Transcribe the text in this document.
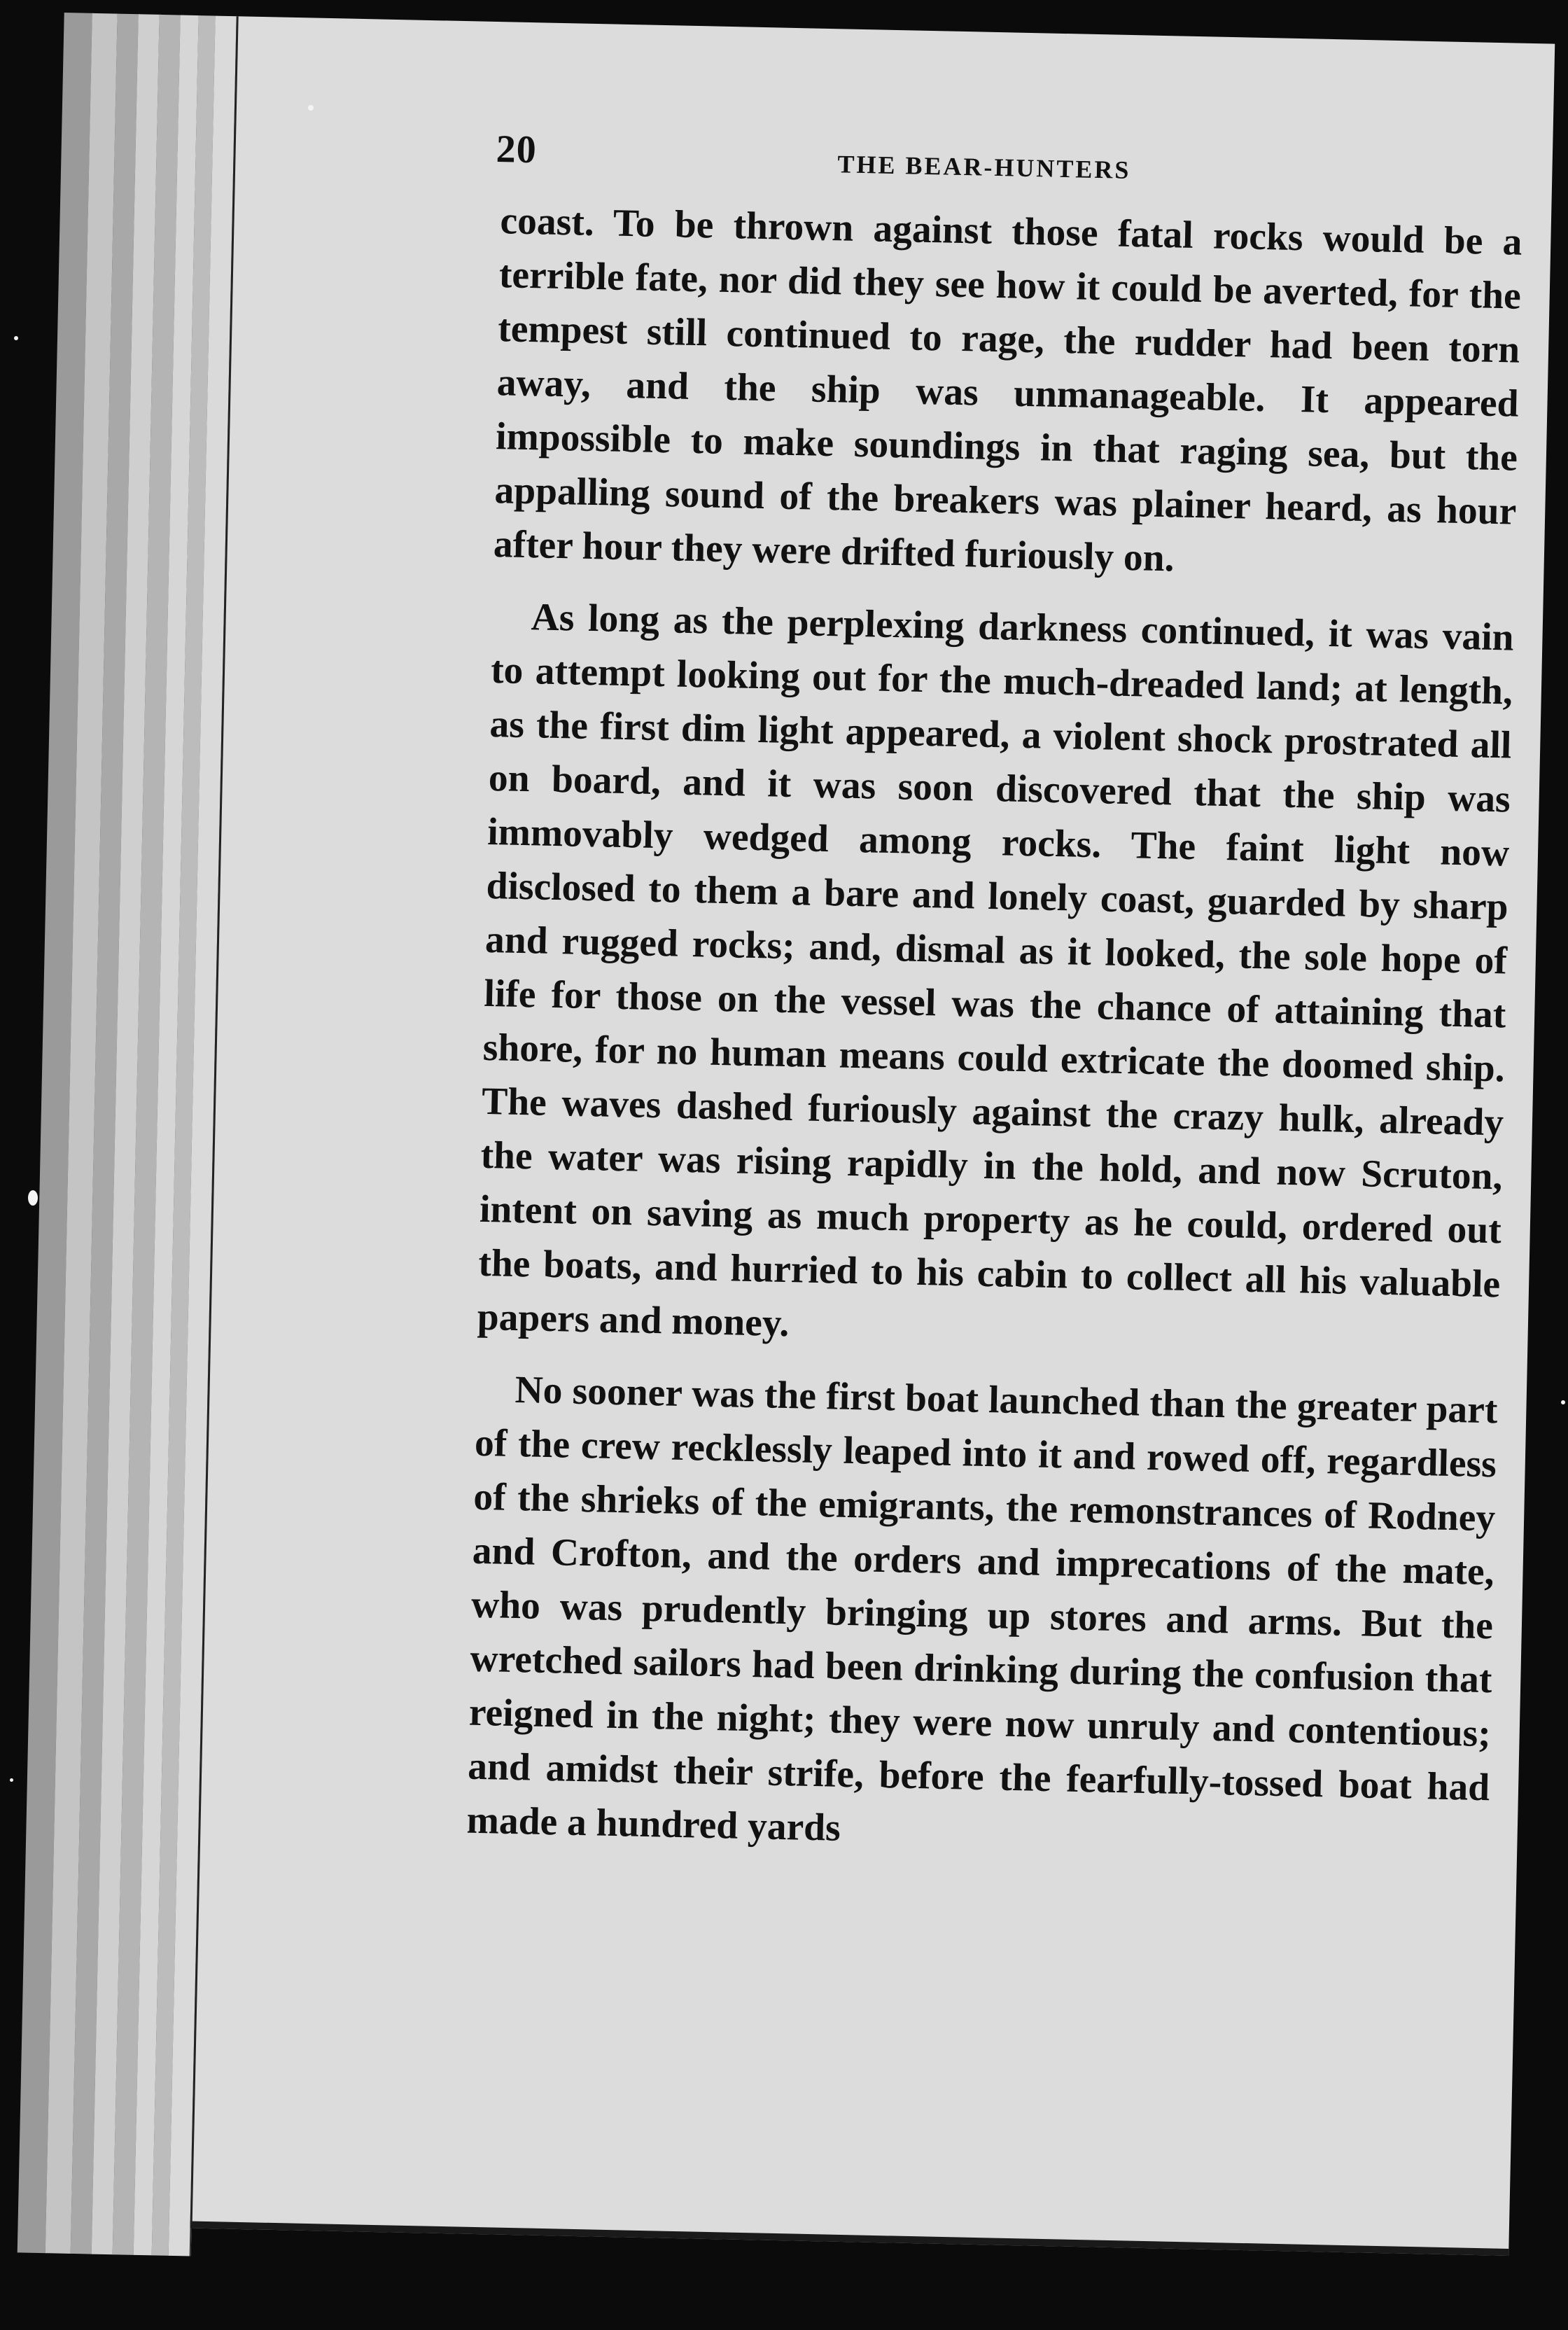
20	THE BEAR-HUNTERS

coast. To be thrown against those fatal rocks would be a terrible fate, nor did they see how it could be averted, for the tempest still continued to rage, the rudder had been torn away, and the ship was unmanageable. It appeared impossible to make soundings in that raging sea, but the appalling sound of the breakers was plainer heard, as hour after hour they were drifted furiously on.

As long as the perplexing darkness continued, it was vain to attempt looking out for the much-dreaded land; at length, as the first dim light appeared, a violent shock prostrated all on board, and it was soon discovered that the ship was immovably wedged among rocks. The faint light now disclosed to them a bare and lonely coast, guarded by sharp and rugged rocks; and, dismal as it looked, the sole hope of life for those on the vessel was the chance of attaining that shore, for no human means could extricate the doomed ship. The waves dashed furiously against the crazy hulk, already the water was rising rapidly in the hold, and now Scruton, intent on saving as much property as he could, ordered out the boats, and hurried to his cabin to collect all his valuable papers and money.

No sooner was the first boat launched than the greater part of the crew recklessly leaped into it and rowed off, regardless of the shrieks of the emigrants, the remonstrances of Rodney and Crofton, and the orders and imprecations of the mate, who was prudently bringing up stores and arms. But the wretched sailors had been drinking during the confusion that reigned in the night; they were now unruly and contentious; and amidst their strife, before the fearfully-tossed boat had made a hundred yards
